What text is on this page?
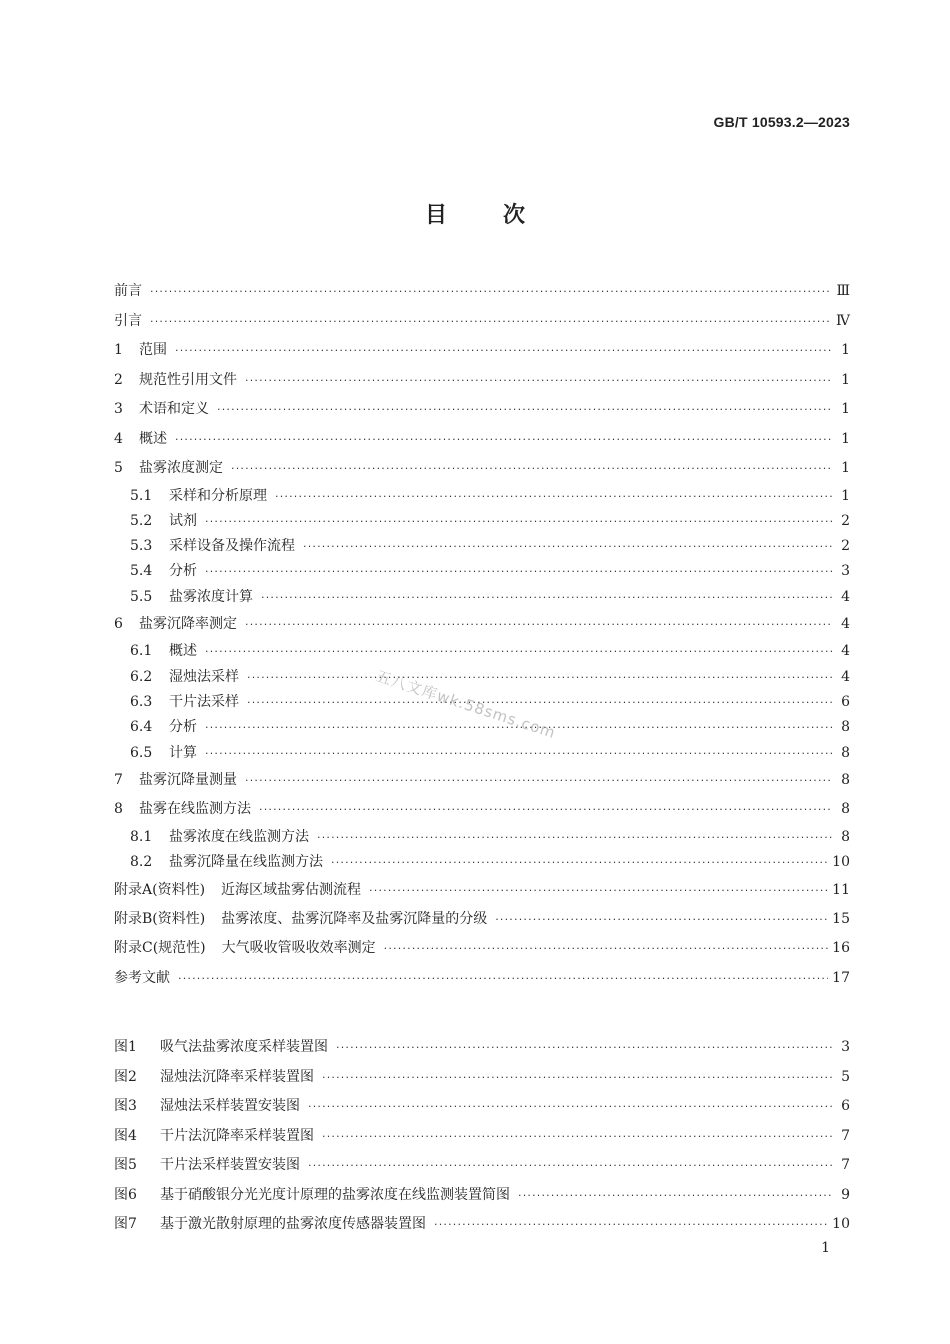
GB/T 10593.2—2023
目次
前言 ·····	Ⅲ
引言 ·····	Ⅳ
1	范围 ·····	1
2	规范性引用文件 ·····	1
3	术语和定义 ·····	1
4	概述 ·····	1
5	盐雾浓度测定 ·····	1
5.1	采样和分析原理 ·····	1
5.2	试剂 ·····	2
5.3	采样设备及操作流程 ·····	2
5.4	分析 ·····	3
5.5	盐雾浓度计算 ·····	4
6	盐雾沉降率测定 ·····	4
6.1	概述 ·····	4
6.2	湿烛法采样 ·····	4
6.3	干片法采样 ·····	6
6.4	分析 ·····	8
6.5	计算 ·····	8
7	盐雾沉降量测量 ·····	8
8	盐雾在线监测方法 ·····	8
8.1	盐雾浓度在线监测方法 ·····	8
8.2	盐雾沉降量在线监测方法 ·····	10
附录A(资料性) 近海区域盐雾估测流程 ·····	11
附录B(资料性) 盐雾浓度、盐雾沉降率及盐雾沉降量的分级 ·····	15
附录C(规范性) 大气吸收管吸收效率测定 ·····	16
参考文献 ·····	17
图1	吸气法盐雾浓度采样装置图 ·····	3
图2	湿烛法沉降率采样装置图 ·····	5
图3	湿烛法采样装置安装图 ·····	6
图4	干片法沉降率采样装置图 ·····	7
图5	干片法采样装置安装图 ·····	7
图6	基于硝酸银分光光度计原理的盐雾浓度在线监测装置简图 ·····	9
图7	基于激光散射原理的盐雾浓度传感器装置图 ·····	10
五八文库wk.58sms.com
1
